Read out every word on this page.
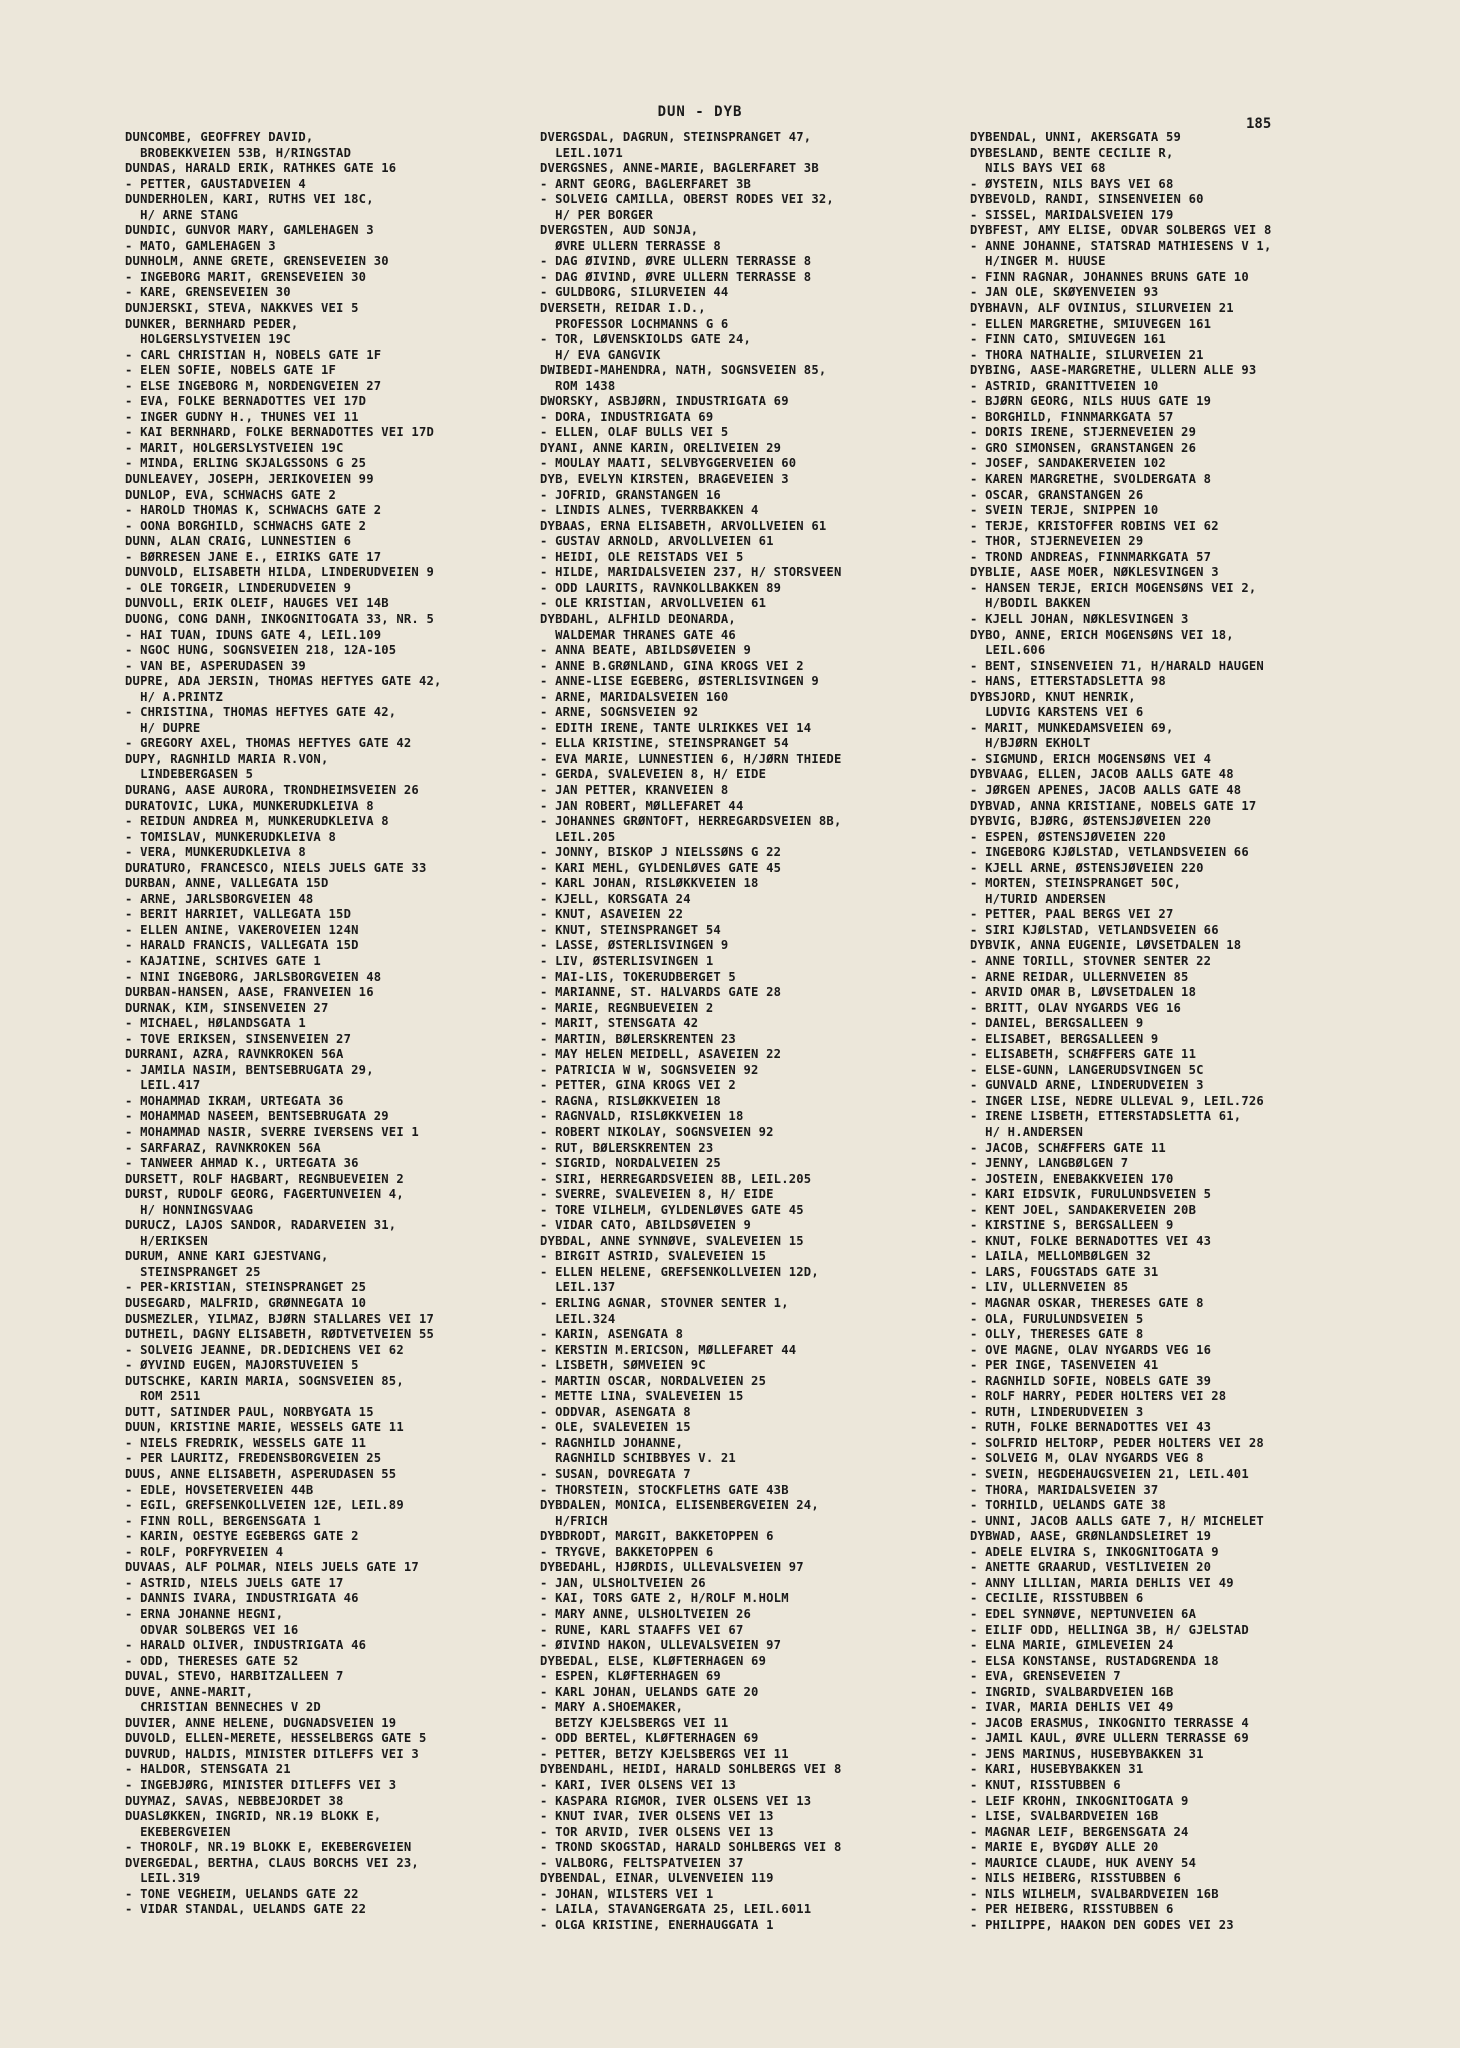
DUN - DYB
185
DUNCOMBE, GEOFFREY DAVID,
BROBEKKVEIEN 53B, H/RINGSTAD
DUNDAS, HARALD ERIK, RATHKES GATE 16
- PETTER, GAUSTADVEIEN 4
DUNDERHOLEN, KARI, RUTHS VEI 18C,
H/ ARNE STANG
DUNDIC, GUNVOR MARY, GAMLEHAGEN 3
- MATO, GAMLEHAGEN 3
DUNHOLM, ANNE GRETE, GRENSEVEIEN 30
- INGEBORG MARIT, GRENSEVEIEN 30
- KARE, GRENSEVEIEN 30
DUNJERSKI, STEVA, NAKKVES VEI 5
DUNKER, BERNHARD PEDER,
HOLGERSLYSTVEIEN 19C
- CARL CHRISTIAN H, NOBELS GATE 1F
- ELEN SOFIE, NOBELS GATE 1F
- ELSE INGEBORG M, NORDENGVEIEN 27
- EVA, FOLKE BERNADOTTES VEI 17D
- INGER GUDNY H., THUNES VEI 11
- KAI BERNHARD, FOLKE BERNADOTTES VEI 17D
- MARIT, HOLGERSLYSTVEIEN 19C
- MINDA, ERLING SKJALGSSONS G 25
DUNLEAVEY, JOSEPH, JERIKOVEIEN 99
DUNLOP, EVA, SCHWACHS GATE 2
- HAROLD THOMAS K, SCHWACHS GATE 2
- OONA BORGHILD, SCHWACHS GATE 2
DUNN, ALAN CRAIG, LUNNESTIEN 6
- BØRRESEN JANE E., EIRIKS GATE 17
DUNVOLD, ELISABETH HILDA, LINDERUDVEIEN 9
- OLE TORGEIR, LINDERUDVEIEN 9
DUNVOLL, ERIK OLEIF, HAUGES VEI 14B
DUONG, CONG DANH, INKOGNITOGATA 33, NR. 5
- HAI TUAN, IDUNS GATE 4, LEIL.109
- NGOC HUNG, SOGNSVEIEN 218, 12A-105
- VAN BE, ASPERUDASEN 39
DUPRE, ADA JERSIN, THOMAS HEFTYES GATE 42,
H/ A.PRINTZ
- CHRISTINA, THOMAS HEFTYES GATE 42,
H/ DUPRE
- GREGORY AXEL, THOMAS HEFTYES GATE 42
DUPY, RAGNHILD MARIA R.VON,
LINDEBERGASEN 5
DURANG, AASE AURORA, TRONDHEIMSVEIEN 26
DURATOVIC, LUKA, MUNKERUDKLEIVA 8
- REIDUN ANDREA M, MUNKERUDKLEIVA 8
- TOMISLAV, MUNKERUDKLEIVA 8
- VERA, MUNKERUDKLEIVA 8
DURATURO, FRANCESCO, NIELS JUELS GATE 33
DURBAN, ANNE, VALLEGATA 15D
- ARNE, JARLSBORGVEIEN 48
- BERIT HARRIET, VALLEGATA 15D
- ELLEN ANINE, VAKEROVEIEN 124N
- HARALD FRANCIS, VALLEGATA 15D
- KAJATINE, SCHIVES GATE 1
- NINI INGEBORG, JARLSBORGVEIEN 48
DURBAN-HANSEN, AASE, FRANVEIEN 16
DURNAK, KIM, SINSENVEIEN 27
- MICHAEL, HØLANDSGATA 1
- TOVE ERIKSEN, SINSENVEIEN 27
DURRANI, AZRA, RAVNKROKEN 56A
- JAMILA NASIM, BENTSEBRUGATA 29,
LEIL.417
- MOHAMMAD IKRAM, URTEGATA 36
- MOHAMMAD NASEEM, BENTSEBRUGATA 29
- MOHAMMAD NASIR, SVERRE IVERSENS VEI 1
- SARFARAZ, RAVNKROKEN 56A
- TANWEER AHMAD K., URTEGATA 36
DURSETT, ROLF HAGBART, REGNBUEVEIEN 2
DURST, RUDOLF GEORG, FAGERTUNVEIEN 4,
H/ HONNINGSVAAG
DURUCZ, LAJOS SANDOR, RADARVEIEN 31,
H/ERIKSEN
DURUM, ANNE KARI GJESTVANG,
STEINSPRANGET 25
- PER-KRISTIAN, STEINSPRANGET 25
DUSEGARD, MALFRID, GRØNNEGATA 10
DUSMEZLER, YILMAZ, BJØRN STALLARES VEI 17
DUTHEIL, DAGNY ELISABETH, RØDTVETVEIEN 55
- SOLVEIG JEANNE, DR.DEDICHENS VEI 62
- ØYVIND EUGEN, MAJORSTUVEIEN 5
DUTSCHKE, KARIN MARIA, SOGNSVEIEN 85,
ROM 2511
DUTT, SATINDER PAUL, NORBYGATA 15
DUUN, KRISTINE MARIE, WESSELS GATE 11
- NIELS FREDRIK, WESSELS GATE 11
- PER LAURITZ, FREDENSBORGVEIEN 25
DUUS, ANNE ELISABETH, ASPERUDASEN 55
- EDLE, HOVSETERVEIEN 44B
- EGIL, GREFSENKOLLVEIEN 12E, LEIL.89
- FINN ROLL, BERGENSGATA 1
- KARIN, OESTYE EGEBERGS GATE 2
- ROLF, PORFYRVEIEN 4
DUVAAS, ALF POLMAR, NIELS JUELS GATE 17
- ASTRID, NIELS JUELS GATE 17
- DANNIS IVARA, INDUSTRIGATA 46
- ERNA JOHANNE HEGNI,
ODVAR SOLBERGS VEI 16
- HARALD OLIVER, INDUSTRIGATA 46
- ODD, THERESES GATE 52
DUVAL, STEVO, HARBITZALLEEN 7
DUVE, ANNE-MARIT,
CHRISTIAN BENNECHES V 2D
DUVIER, ANNE HELENE, DUGNADSVEIEN 19
DUVOLD, ELLEN-MERETE, HESSELBERGS GATE 5
DUVRUD, HALDIS, MINISTER DITLEFFS VEI 3
- HALDOR, STENSGATA 21
- INGEBJØRG, MINISTER DITLEFFS VEI 3
DUYMAZ, SAVAS, NEBBEJORDET 38
DUASLØKKEN, INGRID, NR.19 BLOKK E,
EKEBERGVEIEN
- THOROLF, NR.19 BLOKK E, EKEBERGVEIEN
DVERGEDAL, BERTHA, CLAUS BORCHS VEI 23,
LEIL.319
- TONE VEGHEIM, UELANDS GATE 22
- VIDAR STANDAL, UELANDS GATE 22
DVERGSDAL, DAGRUN, STEINSPRANGET 47,
LEIL.1071
DVERGSNES, ANNE-MARIE, BAGLERFARET 3B
- ARNT GEORG, BAGLERFARET 3B
- SOLVEIG CAMILLA, OBERST RODES VEI 32,
H/ PER BORGER
DVERGSTEN, AUD SONJA,
ØVRE ULLERN TERRASSE 8
- DAG ØIVIND, ØVRE ULLERN TERRASSE 8
- DAG ØIVIND, ØVRE ULLERN TERRASSE 8
- GULDBORG, SILURVEIEN 44
DVERSETH, REIDAR I.D.,
PROFESSOR LOCHMANNS G 6
- TOR, LØVENSKIOLDS GATE 24,
H/ EVA GANGVIK
DWIBEDI-MAHENDRA, NATH, SOGNSVEIEN 85,
ROM 1438
DWORSKY, ASBJØRN, INDUSTRIGATA 69
- DORA, INDUSTRIGATA 69
- ELLEN, OLAF BULLS VEI 5
DYANI, ANNE KARIN, ORELIVEIEN 29
- MOULAY MAATI, SELVBYGGERVEIEN 60
DYB, EVELYN KIRSTEN, BRAGEVEIEN 3
- JOFRID, GRANSTANGEN 16
- LINDIS ALNES, TVERRBAKKEN 4
DYBAAS, ERNA ELISABETH, ARVOLLVEIEN 61
- GUSTAV ARNOLD, ARVOLLVEIEN 61
- HEIDI, OLE REISTADS VEI 5
- HILDE, MARIDALSVEIEN 237, H/ STORSVEEN
- ODD LAURITS, RAVNKOLLBAKKEN 89
- OLE KRISTIAN, ARVOLLVEIEN 61
DYBDAHL, ALFHILD DEONARDA,
WALDEMAR THRANES GATE 46
- ANNA BEATE, ABILDSØVEIEN 9
- ANNE B.GRØNLAND, GINA KROGS VEI 2
- ANNE-LISE EGEBERG, ØSTERLISVINGEN 9
- ARNE, MARIDALSVEIEN 160
- ARNE, SOGNSVEIEN 92
- EDITH IRENE, TANTE ULRIKKES VEI 14
- ELLA KRISTINE, STEINSPRANGET 54
- EVA MARIE, LUNNESTIEN 6, H/JØRN THIEDE
- GERDA, SVALEVEIEN 8, H/ EIDE
- JAN PETTER, KRANVEIEN 8
- JAN ROBERT, MØLLEFARET 44
- JOHANNES GRØNTOFT, HERREGARDSVEIEN 8B,
LEIL.205
- JONNY, BISKOP J NIELSSØNS G 22
- KARI MEHL, GYLDENLØVES GATE 45
- KARL JOHAN, RISLØKKVEIEN 18
- KJELL, KORSGATA 24
- KNUT, ASAVEIEN 22
- KNUT, STEINSPRANGET 54
- LASSE, ØSTERLISVINGEN 9
- LIV, ØSTERLISVINGEN 1
- MAI-LIS, TOKERUDBERGET 5
- MARIANNE, ST. HALVARDS GATE 28
- MARIE, REGNBUEVEIEN 2
- MARIT, STENSGATA 42
- MARTIN, BØLERSKRENTEN 23
- MAY HELEN MEIDELL, ASAVEIEN 22
- PATRICIA W W, SOGNSVEIEN 92
- PETTER, GINA KROGS VEI 2
- RAGNA, RISLØKKVEIEN 18
- RAGNVALD, RISLØKKVEIEN 18
- ROBERT NIKOLAY, SOGNSVEIEN 92
- RUT, BØLERSKRENTEN 23
- SIGRID, NORDALVEIEN 25
- SIRI, HERREGARDSVEIEN 8B, LEIL.205
- SVERRE, SVALEVEIEN 8, H/ EIDE
- TORE VILHELM, GYLDENLØVES GATE 45
- VIDAR CATO, ABILDSØVEIEN 9
DYBDAL, ANNE SYNNØVE, SVALEVEIEN 15
- BIRGIT ASTRID, SVALEVEIEN 15
- ELLEN HELENE, GREFSENKOLLVEIEN 12D,
LEIL.137
- ERLING AGNAR, STOVNER SENTER 1,
LEIL.324
- KARIN, ASENGATA 8
- KERSTIN M.ERICSON, MØLLEFARET 44
- LISBETH, SØMVEIEN 9C
- MARTIN OSCAR, NORDALVEIEN 25
- METTE LINA, SVALEVEIEN 15
- ODDVAR, ASENGATA 8
- OLE, SVALEVEIEN 15
- RAGNHILD JOHANNE,
RAGNHILD SCHIBBYES V. 21
- SUSAN, DOVREGATA 7
- THORSTEIN, STOCKFLETHS GATE 43B
DYBDALEN, MONICA, ELISENBERGVEIEN 24,
H/FRICH
DYBDRODT, MARGIT, BAKKETOPPEN 6
- TRYGVE, BAKKETOPPEN 6
DYBEDAHL, HJØRDIS, ULLEVALSVEIEN 97
- JAN, ULSHOLTVEIEN 26
- KAI, TORS GATE 2, H/ROLF M.HOLM
- MARY ANNE, ULSHOLTVEIEN 26
- RUNE, KARL STAAFFS VEI 67
- ØIVIND HAKON, ULLEVALSVEIEN 97
DYBEDAL, ELSE, KLØFTERHAGEN 69
- ESPEN, KLØFTERHAGEN 69
- KARL JOHAN, UELANDS GATE 20
- MARY A.SHOEMAKER,
BETZY KJELSBERGS VEI 11
- ODD BERTEL, KLØFTERHAGEN 69
- PETTER, BETZY KJELSBERGS VEI 11
DYBENDAHL, HEIDI, HARALD SOHLBERGS VEI 8
- KARI, IVER OLSENS VEI 13
- KASPARA RIGMOR, IVER OLSENS VEI 13
- KNUT IVAR, IVER OLSENS VEI 13
- TOR ARVID, IVER OLSENS VEI 13
- TROND SKOGSTAD, HARALD SOHLBERGS VEI 8
- VALBORG, FELTSPATVEIEN 37
DYBENDAL, EINAR, ULVENVEIEN 119
- JOHAN, WILSTERS VEI 1
- LAILA, STAVANGERGATA 25, LEIL.6011
- OLGA KRISTINE, ENERHAUGGATA 1
DYBENDAL, UNNI, AKERSGATA 59
DYBESLAND, BENTE CECILIE R,
NILS BAYS VEI 68
- ØYSTEIN, NILS BAYS VEI 68
DYBEVOLD, RANDI, SINSENVEIEN 60
- SISSEL, MARIDALSVEIEN 179
DYBFEST, AMY ELISE, ODVAR SOLBERGS VEI 8
- ANNE JOHANNE, STATSRAD MATHIESENS V 1,
H/INGER M. HUUSE
- FINN RAGNAR, JOHANNES BRUNS GATE 10
- JAN OLE, SKØYENVEIEN 93
DYBHAVN, ALF OVINIUS, SILURVEIEN 21
- ELLEN MARGRETHE, SMIUVEGEN 161
- FINN CATO, SMIUVEGEN 161
- THORA NATHALIE, SILURVEIEN 21
DYBING, AASE-MARGRETHE, ULLERN ALLE 93
- ASTRID, GRANITTVEIEN 10
- BJØRN GEORG, NILS HUUS GATE 19
- BORGHILD, FINNMARKGATA 57
- DORIS IRENE, STJERNEVEIEN 29
- GRO SIMONSEN, GRANSTANGEN 26
- JOSEF, SANDAKERVEIEN 102
- KAREN MARGRETHE, SVOLDERGATA 8
- OSCAR, GRANSTANGEN 26
- SVEIN TERJE, SNIPPEN 10
- TERJE, KRISTOFFER ROBINS VEI 62
- THOR, STJERNEVEIEN 29
- TROND ANDREAS, FINNMARKGATA 57
DYBLIE, AASE MOER, NØKLESVINGEN 3
- HANSEN TERJE, ERICH MOGENSØNS VEI 2,
H/BODIL BAKKEN
- KJELL JOHAN, NØKLESVINGEN 3
DYBO, ANNE, ERICH MOGENSØNS VEI 18,
LEIL.606
- BENT, SINSENVEIEN 71, H/HARALD HAUGEN
- HANS, ETTERSTADSLETTA 98
DYBSJORD, KNUT HENRIK,
LUDVIG KARSTENS VEI 6
- MARIT, MUNKEDAMSVEIEN 69,
H/BJØRN EKHOLT
- SIGMUND, ERICH MOGENSØNS VEI 4
DYBVAAG, ELLEN, JACOB AALLS GATE 48
- JØRGEN APENES, JACOB AALLS GATE 48
DYBVAD, ANNA KRISTIANE, NOBELS GATE 17
DYBVIG, BJØRG, ØSTENSJØVEIEN 220
- ESPEN, ØSTENSJØVEIEN 220
- INGEBORG KJØLSTAD, VETLANDSVEIEN 66
- KJELL ARNE, ØSTENSJØVEIEN 220
- MORTEN, STEINSPRANGET 50C,
H/TURID ANDERSEN
- PETTER, PAAL BERGS VEI 27
- SIRI KJØLSTAD, VETLANDSVEIEN 66
DYBVIK, ANNA EUGENIE, LØVSETDALEN 18
- ANNE TORILL, STOVNER SENTER 22
- ARNE REIDAR, ULLERNVEIEN 85
- ARVID OMAR B, LØVSETDALEN 18
- BRITT, OLAV NYGARDS VEG 16
- DANIEL, BERGSALLEEN 9
- ELISABET, BERGSALLEEN 9
- ELISABETH, SCHÆFFERS GATE 11
- ELSE-GUNN, LANGERUDSVINGEN 5C
- GUNVALD ARNE, LINDERUDVEIEN 3
- INGER LISE, NEDRE ULLEVAL 9, LEIL.726
- IRENE LISBETH, ETTERSTADSLETTA 61,
H/ H.ANDERSEN
- JACOB, SCHÆFFERS GATE 11
- JENNY, LANGBØLGEN 7
- JOSTEIN, ENEBAKKVEIEN 170
- KARI EIDSVIK, FURULUNDSVEIEN 5
- KENT JOEL, SANDAKERVEIEN 20B
- KIRSTINE S, BERGSALLEEN 9
- KNUT, FOLKE BERNADOTTES VEI 43
- LAILA, MELLOMBØLGEN 32
- LARS, FOUGSTADS GATE 31
- LIV, ULLERNVEIEN 85
- MAGNAR OSKAR, THERESES GATE 8
- OLA, FURULUNDSVEIEN 5
- OLLY, THERESES GATE 8
- OVE MAGNE, OLAV NYGARDS VEG 16
- PER INGE, TASENVEIEN 41
- RAGNHILD SOFIE, NOBELS GATE 39
- ROLF HARRY, PEDER HOLTERS VEI 28
- RUTH, LINDERUDVEIEN 3
- RUTH, FOLKE BERNADOTTES VEI 43
- SOLFRID HELTORP, PEDER HOLTERS VEI 28
- SOLVEIG M, OLAV NYGARDS VEG 8
- SVEIN, HEGDEHAUGSVEIEN 21, LEIL.401
- THORA, MARIDALSVEIEN 37
- TORHILD, UELANDS GATE 38
- UNNI, JACOB AALLS GATE 7, H/ MICHELET
DYBWAD, AASE, GRØNLANDSLEIRET 19
- ADELE ELVIRA S, INKOGNITOGATA 9
- ANETTE GRAARUD, VESTLIVEIEN 20
- ANNY LILLIAN, MARIA DEHLIS VEI 49
- CECILIE, RISSTUBBEN 6
- EDEL SYNNØVE, NEPTUNVEIEN 6A
- EILIF ODD, HELLINGA 3B, H/ GJELSTAD
- ELNA MARIE, GIMLEVEIEN 24
- ELSA KONSTANSE, RUSTADGRENDA 18
- EVA, GRENSEVEIEN 7
- INGRID, SVALBARDVEIEN 16B
- IVAR, MARIA DEHLIS VEI 49
- JACOB ERASMUS, INKOGNITO TERRASSE 4
- JAMIL KAUL, ØVRE ULLERN TERRASSE 69
- JENS MARINUS, HUSEBYBAKKEN 31
- KARI, HUSEBYBAKKEN 31
- KNUT, RISSTUBBEN 6
- LEIF KROHN, INKOGNITOGATA 9
- LISE, SVALBARDVEIEN 16B
- MAGNAR LEIF, BERGENSGATA 24
- MARIE E, BYGDØY ALLE 20
- MAURICE CLAUDE, HUK AVENY 54
- NILS HEIBERG, RISSTUBBEN 6
- NILS WILHELM, SVALBARDVEIEN 16B
- PER HEIBERG, RISSTUBBEN 6
- PHILIPPE, HAAKON DEN GODES VEI 23
